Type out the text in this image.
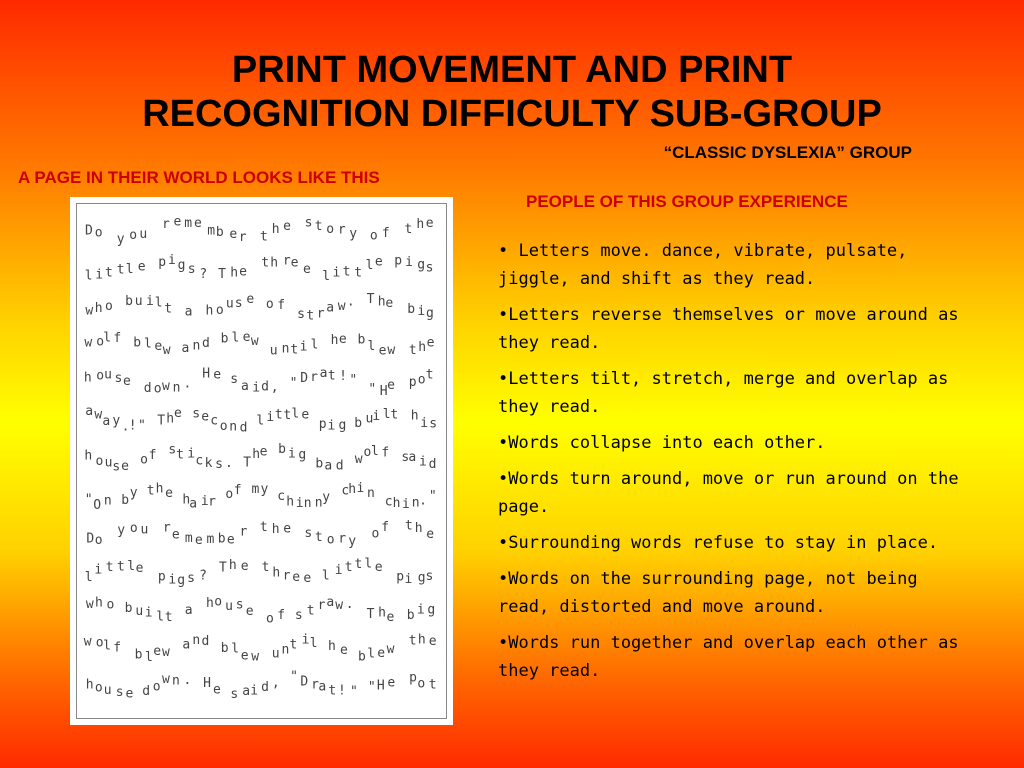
PRINT MOVEMENT AND PRINT
RECOGNITION DIFFICULTY SUB-GROUP
“CLASSIC DYSLEXIA” GROUP
A PAGE IN THEIR WORLD LOOKS LIKE THIS
PEOPLE OF THIS GROUP EXPERIENCE
D o y o u r e m emb e r t h e s t o r y o f t h e
l i t tl e p i g s ? T he th re e l i t t le p i gs
w h o b u il t a h o us e o f st r a w. T he b ig
w ol f b l ew a n d b l ew u nti l he b l ew t he
h ou se d ow n . H e s a id , " D r at ! " " He pot
awa y.!" The sec o n d l ittl e pi g b ui lt h is
h ouse of st ick s . The b i g ba d wol f sa i d
"O n by th e ha ir of my ch in ny chi n ch i n. "
Do y o u re m e m ber t h e s t o r y o f t h e
l i t t le p ig s ? T h e t h r e e l i t t l e pi gs
wh o b ui lt a ho u s e o f s t raw . T he b i g
w ol f b lew a nd b l e w u nt il h e bl ew th e
hou s e d ow n . H e s ai d , " D ra t ! " "H e po t
• Letters move. dance, vibrate, pulsate, jiggle, and shift as they read.
•Letters reverse themselves or move around as they read.
•Letters tilt, stretch, merge and overlap as they read.
•Words collapse into each other.
•Words turn around, move or run around on the page.
•Surrounding words refuse to stay in place.
•Words on the surrounding page, not being read, distorted and move around.
•Words run together and overlap each other as they read.
